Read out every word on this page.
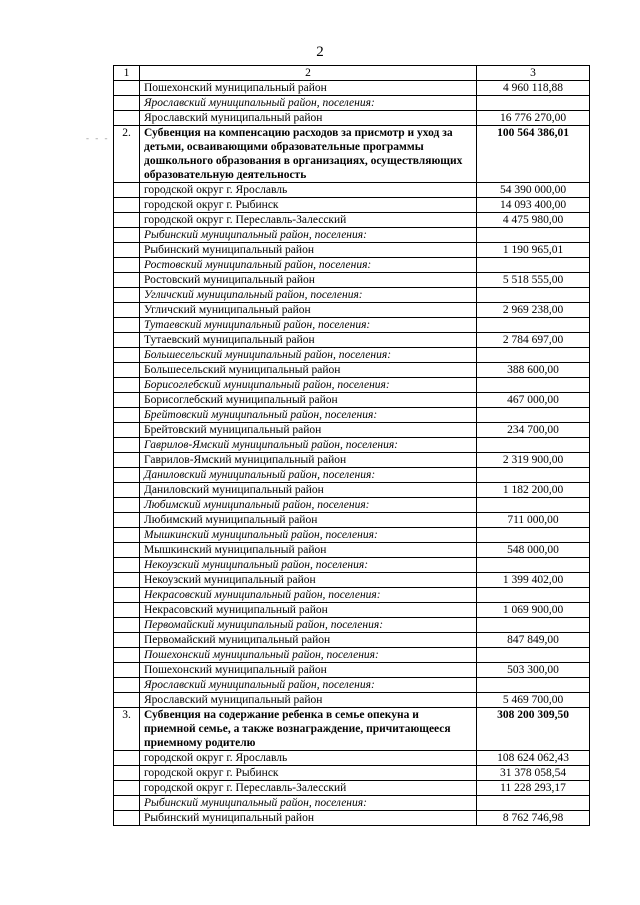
2
- - -
1	2	3
	Пошехонский муниципальный район	4 960 118,88
	Ярославский муниципальный район, поселения:	
	Ярославский муниципальный район	16 776 270,00
2.	Субвенция на компенсацию расходов за присмотр и уход за детьми, осваивающими образовательные программы дошкольного образования в организациях, осуществляющих образовательную деятельность	100 564 386,01
	городской округ г. Ярославль	54 390 000,00
	городской округ г. Рыбинск	14 093 400,00
	городской округ г. Переславль-Залесский	4 475 980,00
	Рыбинский муниципальный район, поселения:	
	Рыбинский муниципальный район	1 190 965,01
	Ростовский муниципальный район, поселения:	
	Ростовский муниципальный район	5 518 555,00
	Угличский муниципальный район, поселения:	
	Угличский муниципальный район	2 969 238,00
	Тутаевский муниципальный район, поселения:	
	Тутаевский муниципальный район	2 784 697,00
	Большесельский муниципальный район, поселения:	
	Большесельский муниципальный район	388 600,00
	Борисоглебский муниципальный район, поселения:	
	Борисоглебский муниципальный район	467 000,00
	Брейтовский муниципальный район, поселения:	
	Брейтовский муниципальный район	234 700,00
	Гаврилов-Ямский муниципальный район, поселения:	
	Гаврилов-Ямский муниципальный район	2 319 900,00
	Даниловский муниципальный район, поселения:	
	Даниловский муниципальный район	1 182 200,00
	Любимский муниципальный район, поселения:	
	Любимский муниципальный район	711 000,00
	Мышкинский муниципальный район, поселения:	
	Мышкинский муниципальный район	548 000,00
	Некоузский муниципальный район, поселения:	
	Некоузский муниципальный район	1 399 402,00
	Некрасовский муниципальный район, поселения:	
	Некрасовский муниципальный район	1 069 900,00
	Первомайский муниципальный район, поселения:	
	Первомайский муниципальный район	847 849,00
	Пошехонский муниципальный район, поселения:	
	Пошехонский муниципальный район	503 300,00
	Ярославский муниципальный район, поселения:	
	Ярославский муниципальный район	5 469 700,00
3.	Субвенция на содержание ребенка в семье опекуна и приемной семье, а также вознаграждение, причитающееся приемному родителю	308 200 309,50
	городской округ г. Ярославль	108 624 062,43
	городской округ г. Рыбинск	31 378 058,54
	городской округ г. Переславль-Залесский	11 228 293,17
	Рыбинский муниципальный район, поселения:	
	Рыбинский муниципальный район	8 762 746,98
